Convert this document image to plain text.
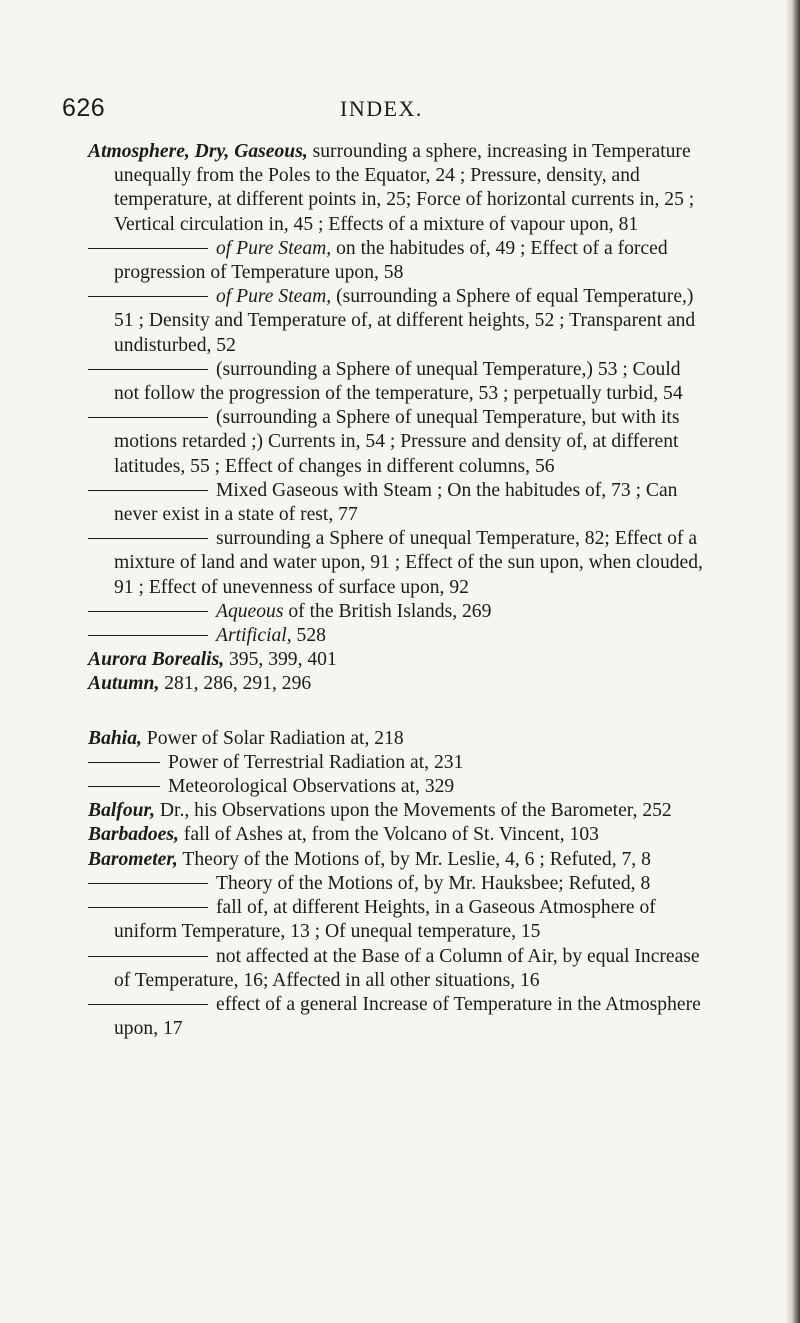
626	INDEX.
Atmosphere, Dry, Gaseous, surrounding a sphere, increasing in Temperature unequally from the Poles to the Equator, 24 ; Pressure, density, and temperature, at different points in, 25; Force of horizontal currents in, 25 ; Vertical circulation in, 45 ; Effects of a mixture of vapour upon, 81
of Pure Steam, on the habitudes of, 49 ; Effect of a forced progression of Temperature upon, 58
of Pure Steam, (surrounding a Sphere of equal Temperature,) 51 ; Density and Temperature of, at different heights, 52 ; Transparent and undisturbed, 52
(surrounding a Sphere of unequal Temperature,) 53 ; Could not follow the progression of the temperature, 53 ; perpetually turbid, 54
(surrounding a Sphere of unequal Temperature, but with its motions retarded ;) Currents in, 54 ; Pressure and density of, at different latitudes, 55 ; Effect of changes in different columns, 56
Mixed Gaseous with Steam ; On the habitudes of, 73 ; Can never exist in a state of rest, 77
surrounding a Sphere of unequal Temperature, 82; Effect of a mixture of land and water upon, 91 ; Effect of the sun upon, when clouded, 91 ; Effect of unevenness of surface upon, 92
Aqueous of the British Islands, 269
Artificial, 528
Aurora Borealis, 395, 399, 401
Autumn, 281, 286, 291, 296
Bahia, Power of Solar Radiation at, 218
Power of Terrestrial Radiation at, 231
Meteorological Observations at, 329
Balfour, Dr., his Observations upon the Movements of the Barometer, 252
Barbadoes, fall of Ashes at, from the Volcano of St. Vincent, 103
Barometer, Theory of the Motions of, by Mr. Leslie, 4, 6 ; Refuted, 7, 8
Theory of the Motions of, by Mr. Hauksbee; Refuted, 8
fall of, at different Heights, in a Gaseous Atmosphere of uniform Temperature, 13 ; Of unequal temperature, 15
not affected at the Base of a Column of Air, by equal Increase of Temperature, 16; Affected in all other situations, 16
effect of a general Increase of Temperature in the Atmosphere upon, 17
